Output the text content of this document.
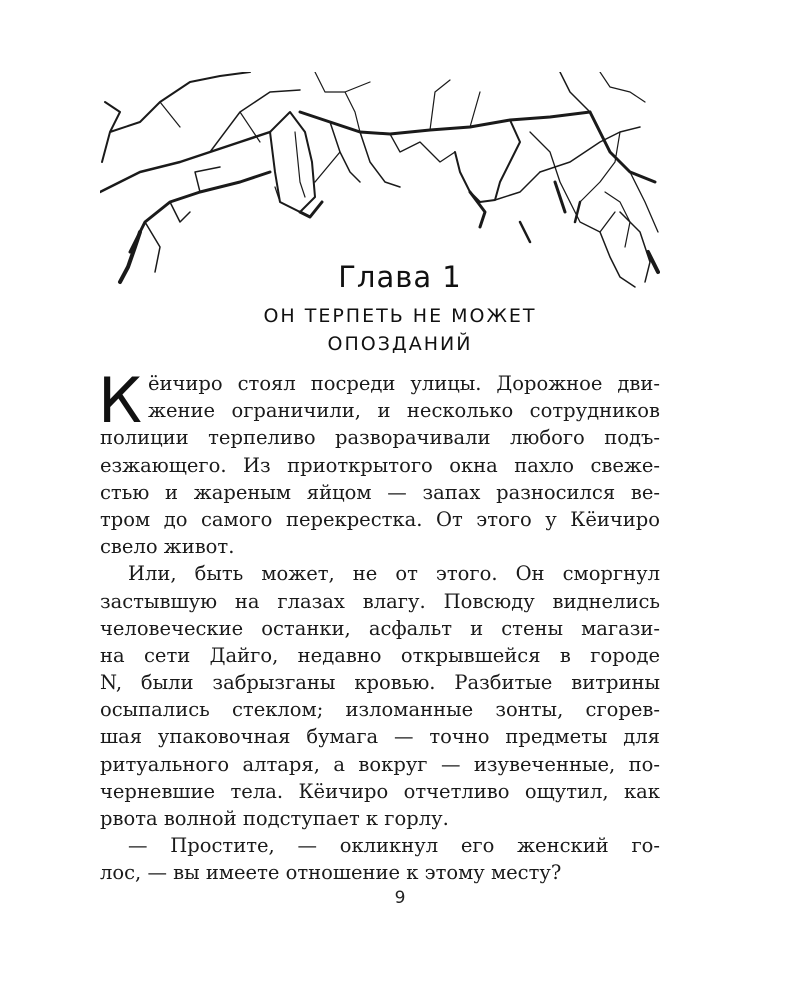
Глава 1
ОН ТЕРПЕТЬ НЕ МОЖЕТ
ОПОЗДАНИЙ
К ёичиро стоял посреди улицы. Дорожное дви-
жение ограничили, и несколько сотрудников
полиции терпеливо разворачивали любого подъ-
езжающего. Из приоткрытого окна пахло свеже-
стью и жареным яйцом — запах разносился ве-
тром до самого перекрестка. От этого у Кёичиро
свело живот.
Или, быть может, не от этого. Он сморгнул
застывшую на глазах влагу. Повсюду виднелись
человеческие останки, асфальт и стены магази-
на сети Дайго, недавно открывшейся в городе
N, были забрызганы кровью. Разбитые витрины
осыпались стеклом; изломанные зонты, сгорев-
шая упаковочная бумага — точно предметы для
ритуального алтаря, а вокруг — изувеченные, по-
черневшие тела. Кёичиро отчетливо ощутил, как
рвота волной подступает к горлу.
— Простите, — окликнул его женский го-
лос, — вы имеете отношение к этому месту?
9
